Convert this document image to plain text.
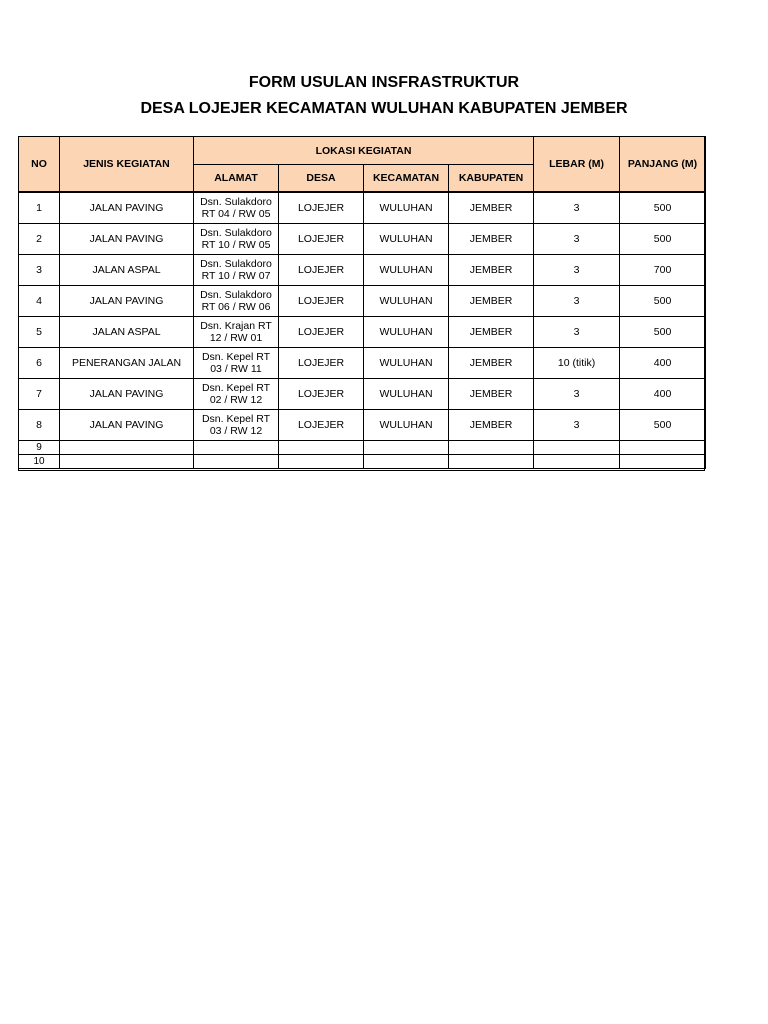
FORM USULAN INSFRASTRUKTUR
DESA LOJEJER KECAMATAN WULUHAN KABUPATEN JEMBER
NO	JENIS KEGIATAN	LOKASI KEGIATAN				LEBAR (M)	PANJANG (M)
		ALAMAT	DESA	KECAMATAN	KABUPATEN		
1	JALAN PAVING	Dsn. Sulakdoro RT 04 / RW 05	LOJEJER	WULUHAN	JEMBER	3	500
2	JALAN PAVING	Dsn. Sulakdoro RT 10 / RW 05	LOJEJER	WULUHAN	JEMBER	3	500
3	JALAN ASPAL	Dsn. Sulakdoro RT 10 / RW 07	LOJEJER	WULUHAN	JEMBER	3	700
4	JALAN PAVING	Dsn. Sulakdoro RT 06 / RW 06	LOJEJER	WULUHAN	JEMBER	3	500
5	JALAN ASPAL	Dsn. Krajan RT 12 / RW 01	LOJEJER	WULUHAN	JEMBER	3	500
6	PENERANGAN JALAN	Dsn. Kepel RT 03 / RW 11	LOJEJER	WULUHAN	JEMBER	10 (titik)	400
7	JALAN PAVING	Dsn. Kepel RT 02 / RW 12	LOJEJER	WULUHAN	JEMBER	3	400
8	JALAN PAVING	Dsn. Kepel RT 03 / RW 12	LOJEJER	WULUHAN	JEMBER	3	500
9							
10							
